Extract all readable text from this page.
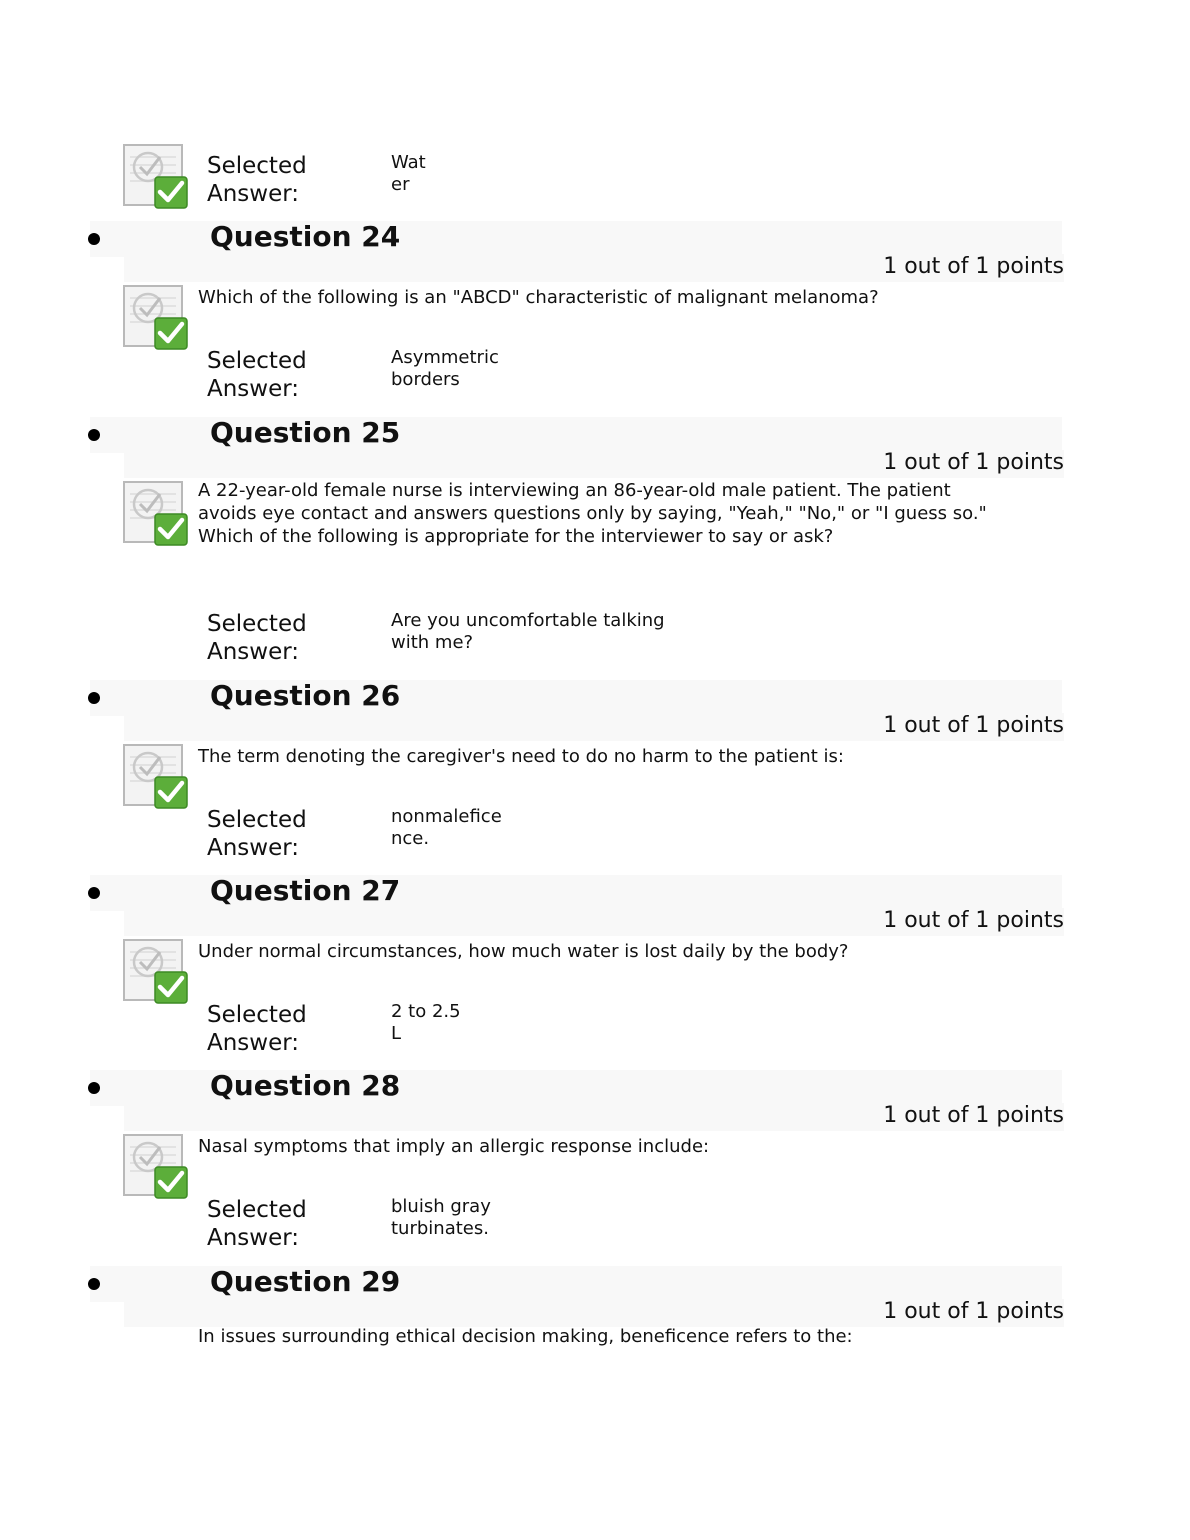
Selected
Answer:
Wat
er
Question 24
1 out of 1 points
Which of the following is an "ABCD" characteristic of malignant melanoma?
Selected
Answer:
Asymmetric
borders
Question 25
1 out of 1 points
A 22-year-old female nurse is interviewing an 86-year-old male patient. The patient avoids eye contact and answers questions only by saying, "Yeah," "No," or "I guess so." Which of the following is appropriate for the interviewer to say or ask?
Selected
Answer:
Are you uncomfortable talking
with me?
Question 26
1 out of 1 points
The term denoting the caregiver's need to do no harm to the patient is:
Selected
Answer:
nonmalefice
nce.
Question 27
1 out of 1 points
Under normal circumstances, how much water is lost daily by the body?
Selected
Answer:
2 to 2.5
L
Question 28
1 out of 1 points
Nasal symptoms that imply an allergic response include:
Selected
Answer:
bluish gray
turbinates.
Question 29
1 out of 1 points
In issues surrounding ethical decision making, beneficence refers to the:
